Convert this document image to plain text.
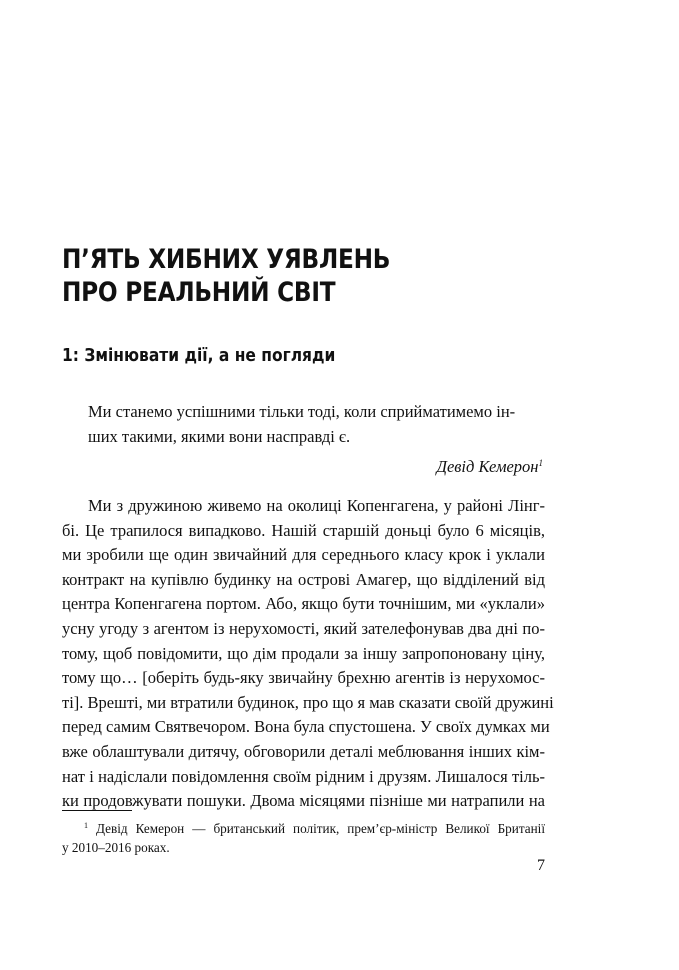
П’ЯТЬ ХИБНИХ УЯВЛЕНЬ
ПРО РЕАЛЬНИЙ СВІТ
1: Змінювати дії, а не погляди
Ми станемо успішними тільки тоді, коли сприйматимемо ін-
ших такими, якими вони насправді є.
Девід Кемерон$^1$
Ми з дружиною живемо на околиці Копенгагена, у районі Лінг-
бі. Це трапилося випадково. Нашій старшій доньці було 6 місяців,
ми зробили ще один звичайний для середнього класу крок і уклали
контракт на купівлю будинку на острові Амагер, що відділений від
центра Копенгагена портом. Або, якщо бути точнішим, ми «уклали»
усну угоду з агентом із нерухомості, який зателефонував два дні по-
тому, щоб повідомити, що дім продали за іншу запропоновану ціну,
тому що… [оберіть будь-яку звичайну брехню агентів із нерухомос-
ті]. Врешті, ми втратили будинок, про що я мав сказати своїй дружині
перед самим Святвечором. Вона була спустошена. У своїх думках ми
вже облаштували дитячу, обговорили деталі меблювання інших кім-
нат і надіслали повідомлення своїм рідним і друзям. Лишалося тіль-
ки продовжувати пошуки. Двома місяцями пізніше ми натрапили на
$^1$ Девід Кемерон — британський політик, прем’єр-міністр Великої Британії
у 2010–2016 роках.
7
